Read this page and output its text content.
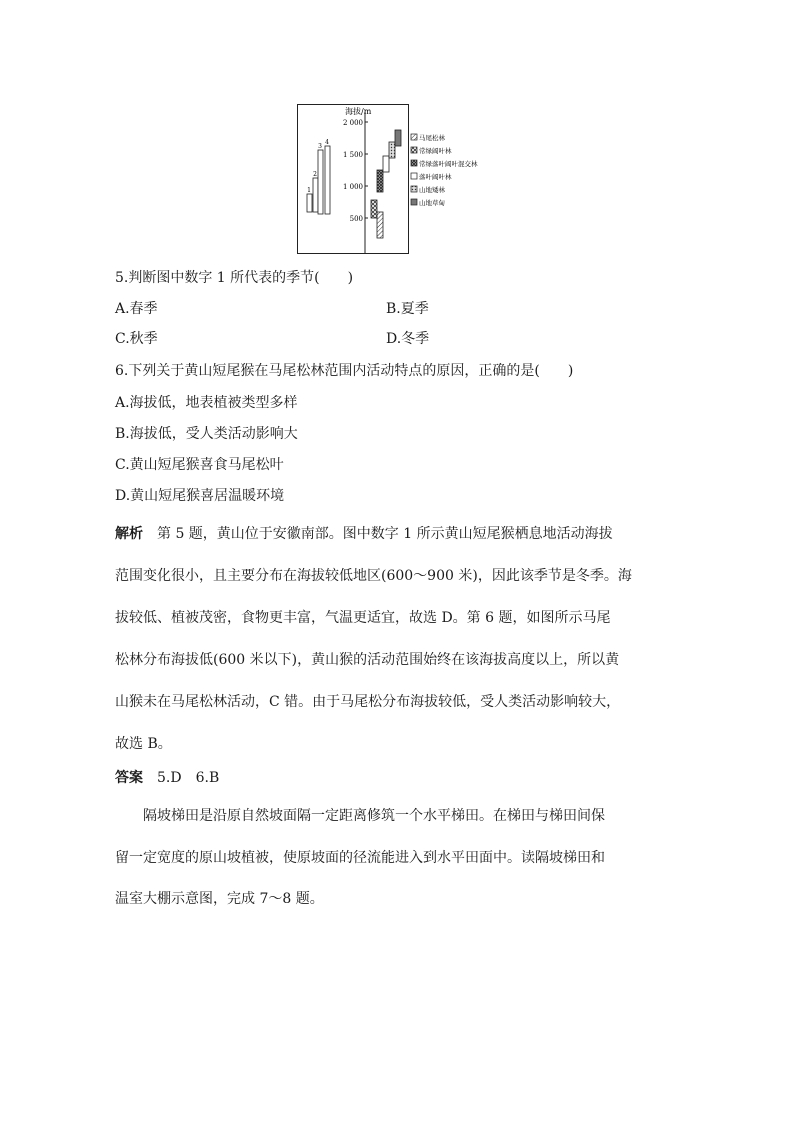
海拔/m
2 000
1 500
1 000
500
1
2
3
4
马尾松林
常绿阔叶林
常绿落叶阔叶混交林
落叶阔叶林
山地矮林
山地草甸
5.判断图中数字 1 所代表的季节(　　)
A.春季	B.夏季
C.秋季	D.冬季
6.下列关于黄山短尾猴在马尾松林范围内活动特点的原因，正确的是(　　)
A.海拔低，地表植被类型多样
B.海拔低，受人类活动影响大
C.黄山短尾猴喜食马尾松叶
D.黄山短尾猴喜居温暖环境
解析 第 5 题，黄山位于安徽南部。图中数字 1 所示黄山短尾猴栖息地活动海拔
范围变化很小，且主要分布在海拔较低地区(600～900 米)，因此该季节是冬季。海
拔较低、植被茂密，食物更丰富，气温更适宜，故选 D。第 6 题，如图所示马尾
松林分布海拔低(600 米以下)，黄山猴的活动范围始终在该海拔高度以上，所以黄
山猴未在马尾松林活动，C 错。由于马尾松分布海拔较低，受人类活动影响较大，
故选 B。
答案 5.D　6.B
隔坡梯田是沿原自然坡面隔一定距离修筑一个水平梯田。在梯田与梯田间保
留一定宽度的原山坡植被，使原坡面的径流能进入到水平田面中。读隔坡梯田和
温室大棚示意图，完成 7～8 题。
